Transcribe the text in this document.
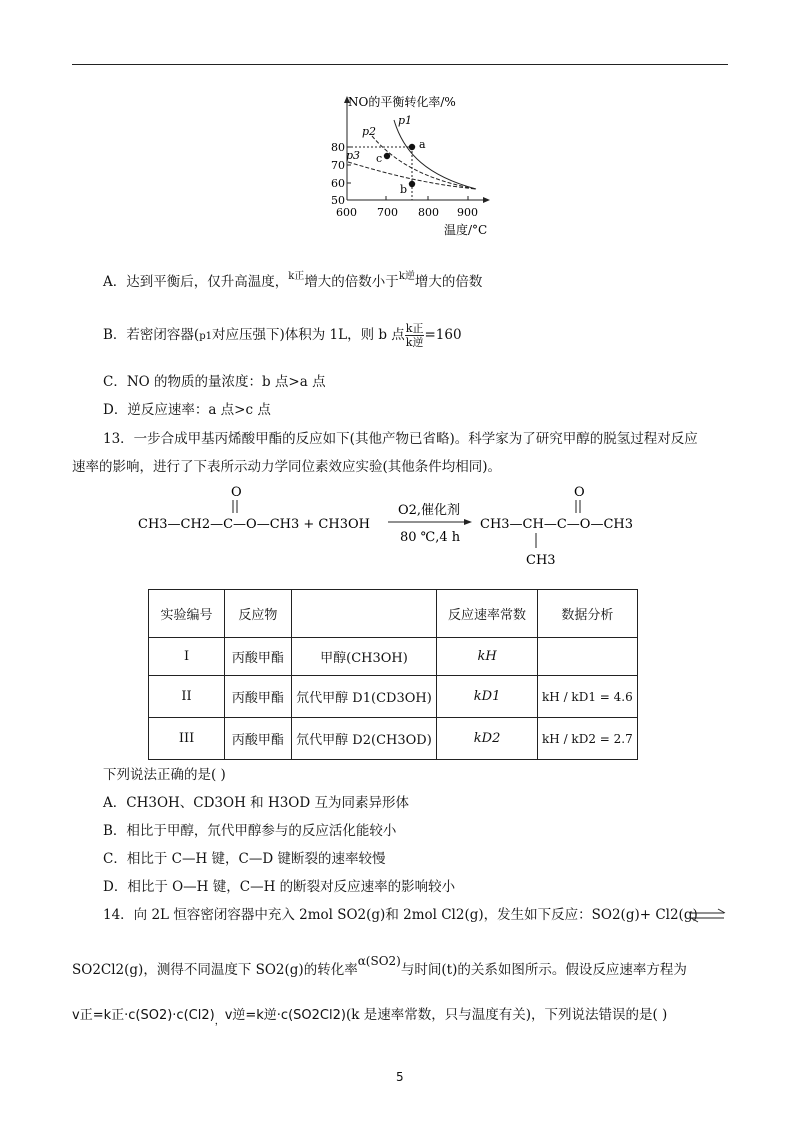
NO的平衡转化率/%
80
70
60
50
600 700 800 900
温度/°C
p1
p2
p3
a
b
c
A．达到平衡后，仅升高温度，$^{k正}$增大的倍数小于$^{k逆}$增大的倍数
B．若密闭容器(p1对应压强下)体积为 1L，则 b 点 $\frac{\text{k正}}{\text{k逆}} =160$
C．NO 的物质的量浓度：b 点>a 点
D．逆反应速率：a 点>c 点
13．一步合成甲基丙烯酸甲酯的反应如下(其他产物已省略)。科学家为了研究甲醇的脱氢过程对反应
速率的影响，进行了下表所示动力学同位素效应实验(其他条件均相同)。
O
CH3—CH2—C—O—CH3 + CH3OH
O2,催化剂
80 ℃,4 h
O
CH3—CH—C—O—CH3
CH3
实验编号	反应物		反应速率常数	数据分析
I	丙酸甲酯	甲醇(CH3OH)	kH	
II	丙酸甲酯	氘代甲醇 D1(CD3OH)	kD1	kH / kD1 = 4.6
III	丙酸甲酯	氘代甲醇 D2(CH3OD)	kD2	kH / kD2 = 2.7
下列说法正确的是( )
A．CH3OH、CD3OH 和 H3OD 互为同素异形体
B．相比于甲醇，氘代甲醇参与的反应活化能较小
C．相比于 C—H 键，C—D 键断裂的速率较慢
D．相比于 O—H 键，C—H 的断裂对反应速率的影响较小
14．向 2L 恒容密闭容器中充入 2mol SO2(g)和 2mol Cl2(g)，发生如下反应：SO2(g)+ Cl2(g)
SO2Cl2(g)，测得不同温度下 SO2(g)的转化率α(SO2)与时间(t)的关系如图所示。假设反应速率方程为
v正=k正$\cdot c(SO2)\cdot c(Cl2)_,v$逆=k逆·c(SO2Cl2)(k 是速率常数，只与温度有关)，下列说法错误的是( )
5
